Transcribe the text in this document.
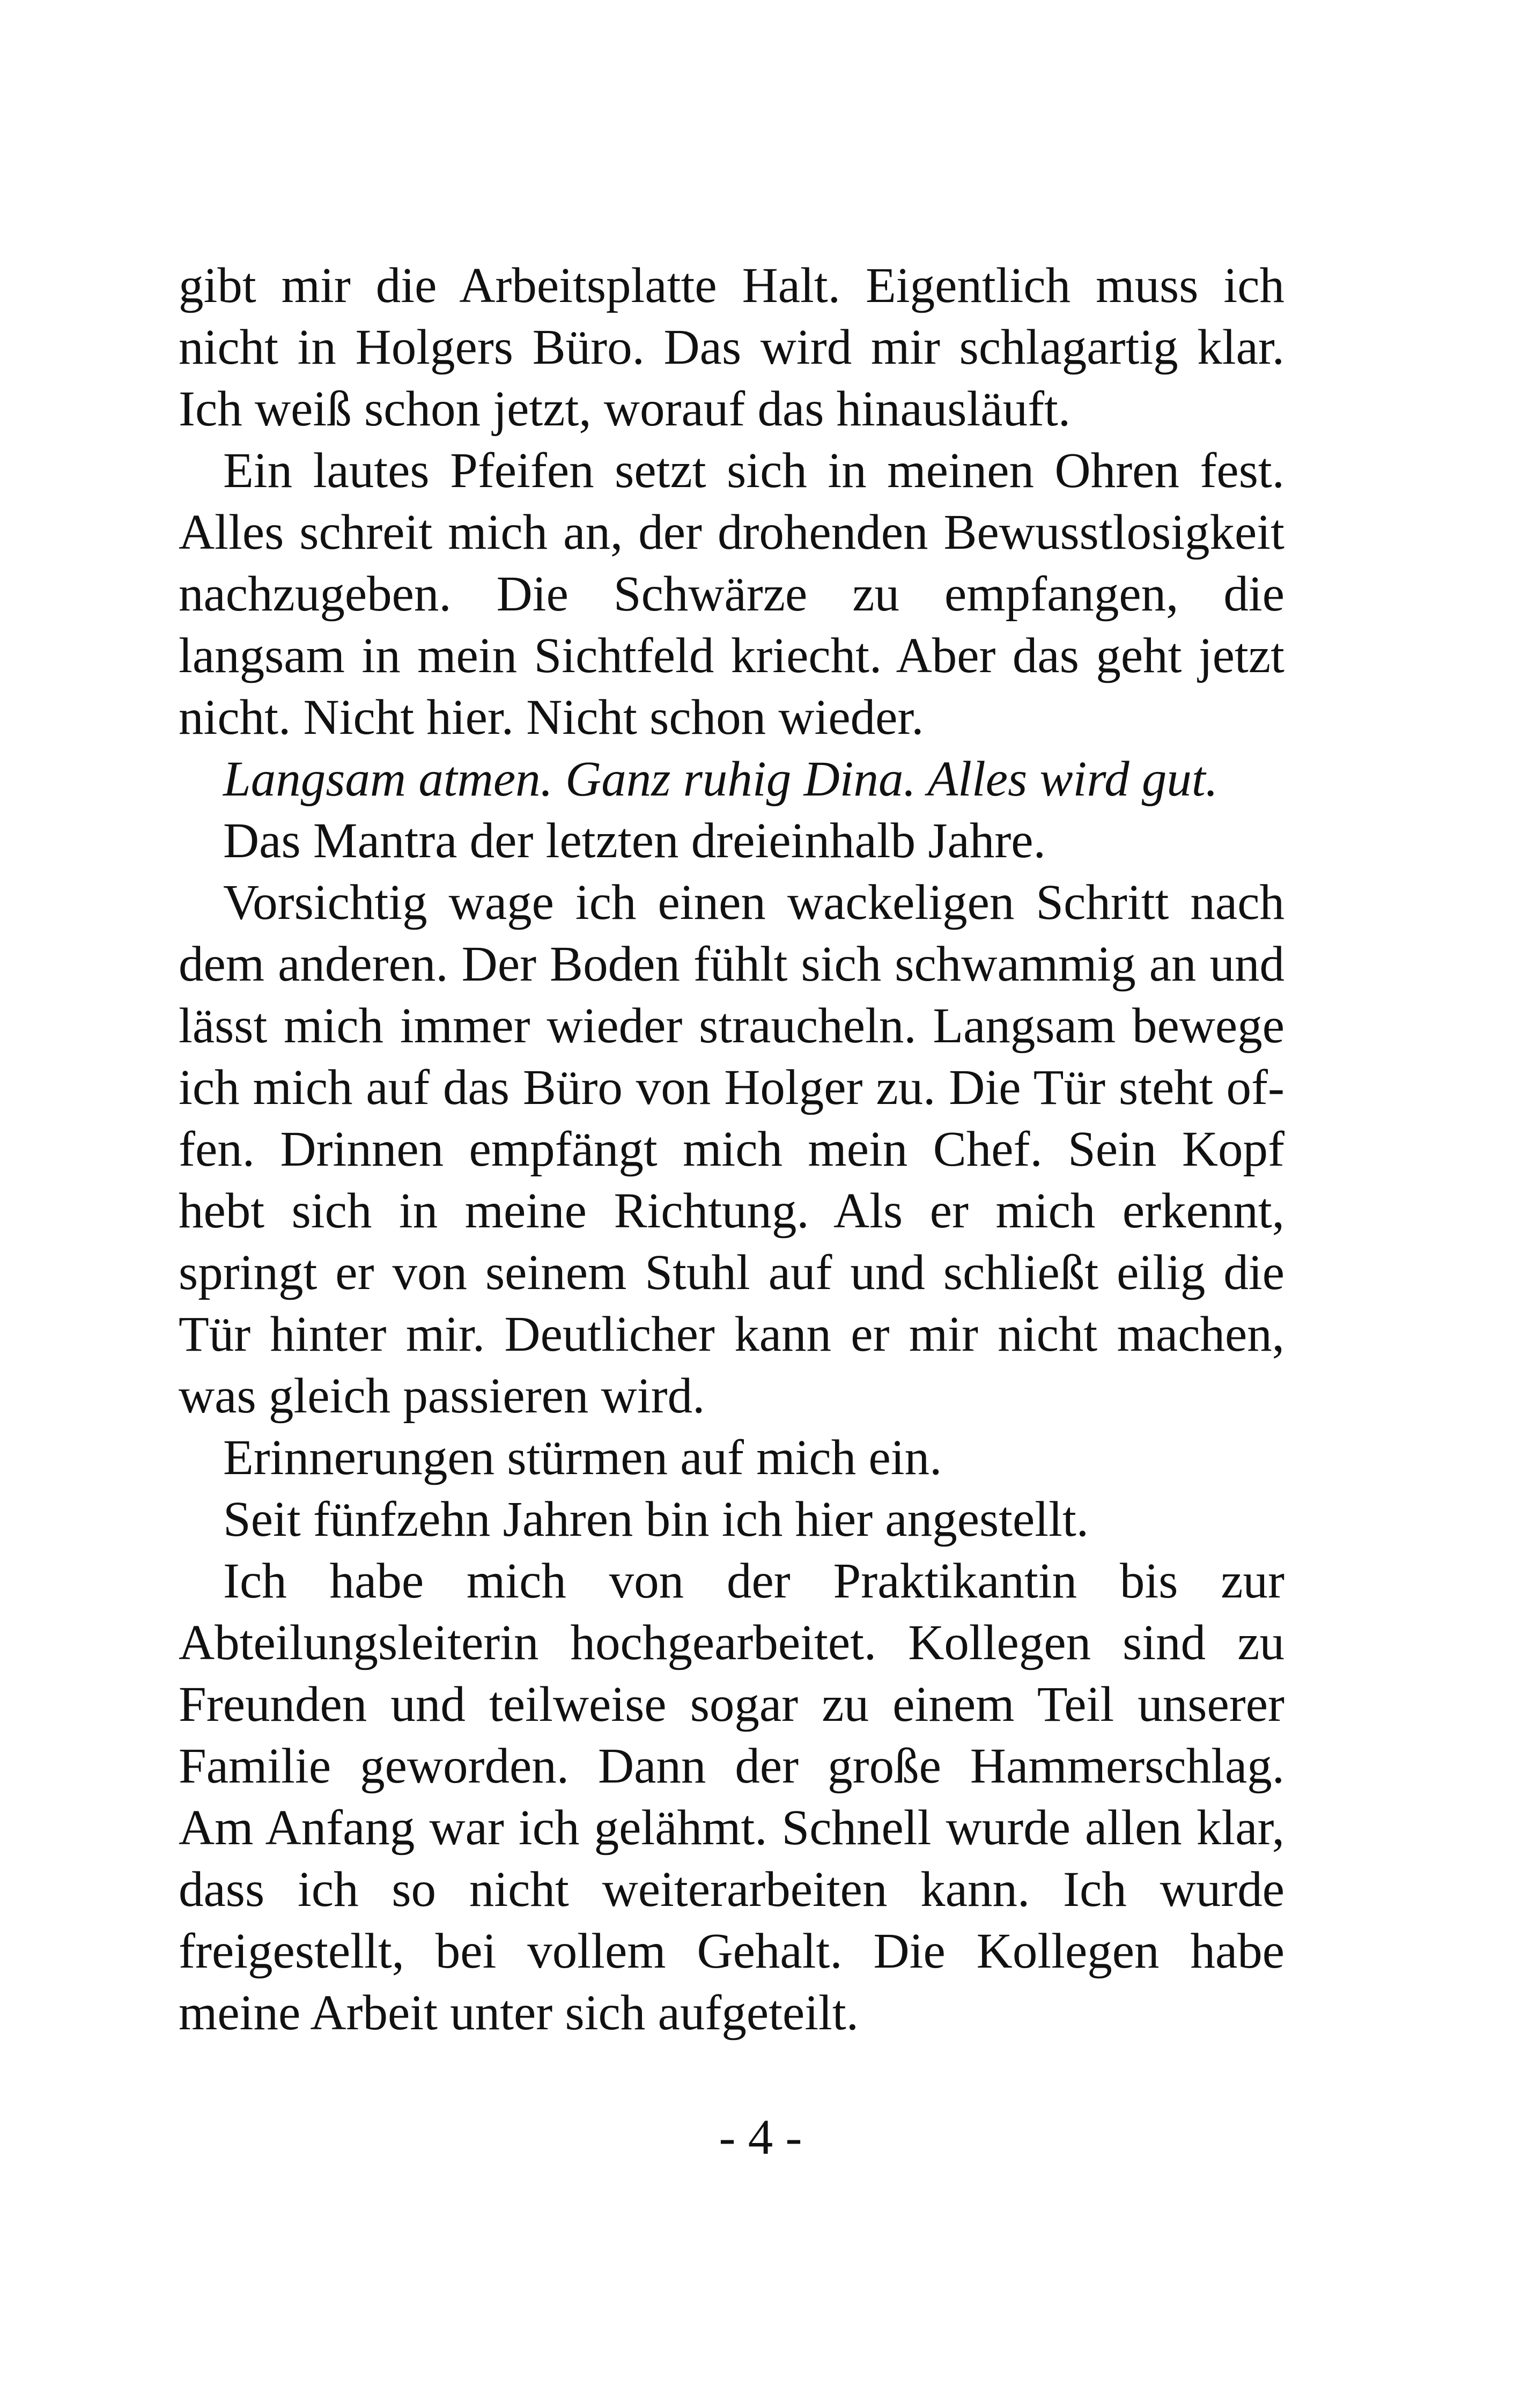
gibt mir die Arbeitsplatte Halt. Eigentlich muss ich nicht in Holgers Büro. Das wird mir schlagartig klar. Ich weiß schon jetzt, worauf das hinausläuft.

Ein lautes Pfeifen setzt sich in meinen Ohren fest. Alles schreit mich an, der drohenden Bewusstlosigkeit nachzugeben. Die Schwärze zu empfangen, die langsam in mein Sichtfeld kriecht. Aber das geht jetzt nicht. Nicht hier. Nicht schon wieder.

Langsam atmen. Ganz ruhig Dina. Alles wird gut.

Das Mantra der letzten dreieinhalb Jahre.

Vorsichtig wage ich einen wackeligen Schritt nach dem anderen. Der Boden fühlt sich schwammig an und lässt mich immer wieder straucheln. Langsam bewege ich mich auf das Büro von Holger zu. Die Tür steht offen. Drinnen empfängt mich mein Chef. Sein Kopf hebt sich in meine Richtung. Als er mich erkennt, springt er von seinem Stuhl auf und schließt eilig die Tür hinter mir. Deutlicher kann er mir nicht machen, was gleich passieren wird.

Erinnerungen stürmen auf mich ein.

Seit fünfzehn Jahren bin ich hier angestellt.

Ich habe mich von der Praktikantin bis zur Abteilungsleiterin hochgearbeitet. Kollegen sind zu Freunden und teilweise sogar zu einem Teil unserer Familie geworden. Dann der große Hammerschlag. Am Anfang war ich gelähmt. Schnell wurde allen klar, dass ich so nicht weiterarbeiten kann. Ich wurde freigestellt, bei vollem Gehalt. Die Kollegen habe meine Arbeit unter sich aufgeteilt.

- 4 -
